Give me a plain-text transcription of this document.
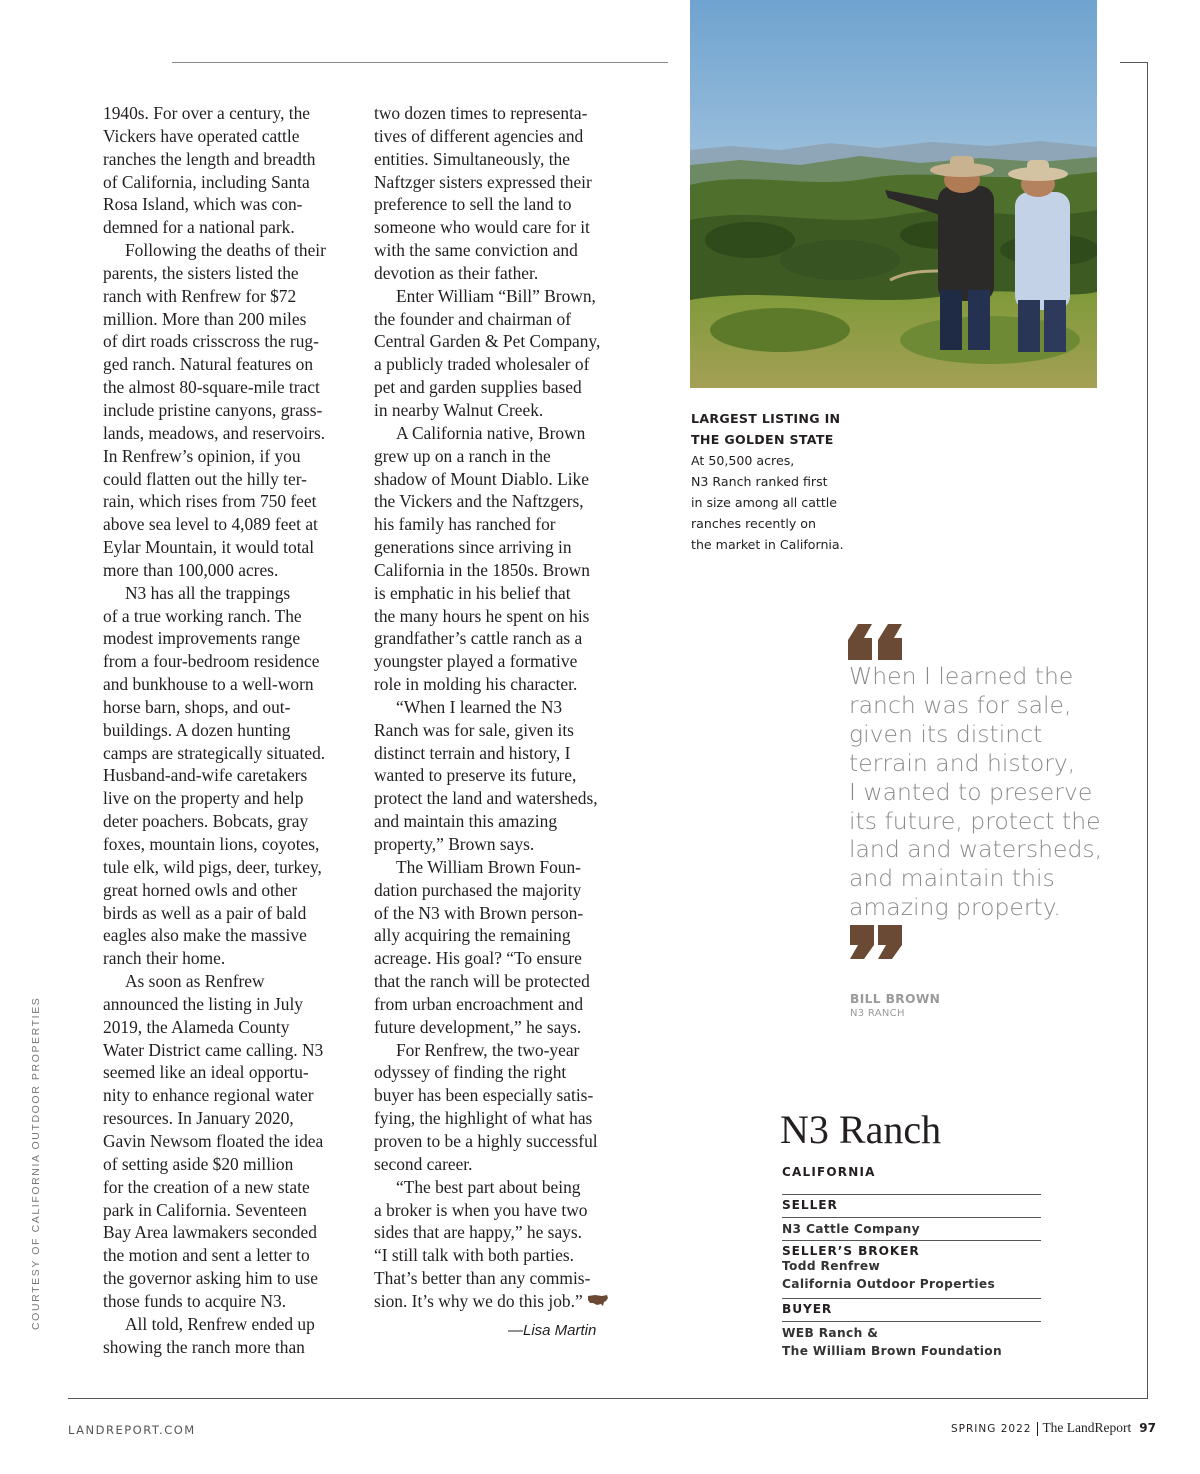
1940s. For over a century, the

Vickers have operated cattle

ranches the length and breadth

of California, including Santa

Rosa Island, which was con-

demned for a national park.

Following the deaths of their

parents, the sisters listed the

ranch with Renfrew for $72

million. More than 200 miles

of dirt roads crisscross the rug-

ged ranch. Natural features on

the almost 80-square-mile tract

include pristine canyons, grass-

lands, meadows, and reservoirs.

In Renfrew’s opinion, if you

could flatten out the hilly ter-

rain, which rises from 750 feet

above sea level to 4,089 feet at

Eylar Mountain, it would total

more than 100,000 acres.

N3 has all the trappings

of a true working ranch. The

modest improvements range

from a four-bedroom residence

and bunkhouse to a well-worn

horse barn, shops, and out-

buildings. A dozen hunting

camps are strategically situated.

Husband-and-wife caretakers

live on the property and help

deter poachers. Bobcats, gray

foxes, mountain lions, coyotes,

tule elk, wild pigs, deer, turkey,

great horned owls and other

birds as well as a pair of bald

eagles also make the massive

ranch their home.

As soon as Renfrew

announced the listing in July

2019, the Alameda County

Water District came calling. N3

seemed like an ideal opportu-

nity to enhance regional water

resources. In January 2020,

Gavin Newsom floated the idea

of setting aside $20 million

for the creation of a new state

park in California. Seventeen

Bay Area lawmakers seconded

the motion and sent a letter to

the governor asking him to use

those funds to acquire N3.

All told, Renfrew ended up

showing the ranch more than

two dozen times to representa-

tives of different agencies and

entities. Simultaneously, the

Naftzger sisters expressed their

preference to sell the land to

someone who would care for it

with the same conviction and

devotion as their father.

Enter William “Bill” Brown,

the founder and chairman of

Central Garden & Pet Company,

a publicly traded wholesaler of

pet and garden supplies based

in nearby Walnut Creek.

A California native, Brown

grew up on a ranch in the

shadow of Mount Diablo. Like

the Vickers and the Naftzgers,

his family has ranched for

generations since arriving in

California in the 1850s. Brown

is emphatic in his belief that

the many hours he spent on his

grandfather’s cattle ranch as a

youngster played a formative

role in molding his character.

“When I learned the N3

Ranch was for sale, given its

distinct terrain and history, I

wanted to preserve its future,

protect the land and watersheds,

and maintain this amazing

property,” Brown says.

The William Brown Foun-

dation purchased the majority

of the N3 with Brown person-

ally acquiring the remaining

acreage. His goal? “To ensure

that the ranch will be protected

from urban encroachment and

future development,” he says.

For Renfrew, the two-year

odyssey of finding the right

buyer has been especially satis-

fying, the highlight of what has

proven to be a highly successful

second career.

“The best part about being

a broker is when you have two

sides that are happy,” he says.

“I still talk with both parties.

That’s better than any commis-

sion. It’s why we do this job.”

—Lisa Martin
COURTESY OF CALIFORNIA OUTDOOR PROPERTIES
LARGEST LISTING IN
THE GOLDEN STATE
At 50,500 acres,
N3 Ranch ranked first
in size among all cattle
ranches recently on
the market in California.
When I learned the
ranch was for sale,
given its distinct
terrain and history,
I wanted to preserve
its future, protect the
land and watersheds,
and maintain this
amazing property.
BILL BROWN
N3 RANCH
N3 Ranch
CALIFORNIA
SELLER
N3 Cattle Company
SELLER’S BROKER
Todd Renfrew
California Outdoor Properties
BUYER
WEB Ranch &
The William Brown Foundation
LANDREPORT.COM	SPRING 2022 The LandReport 97
